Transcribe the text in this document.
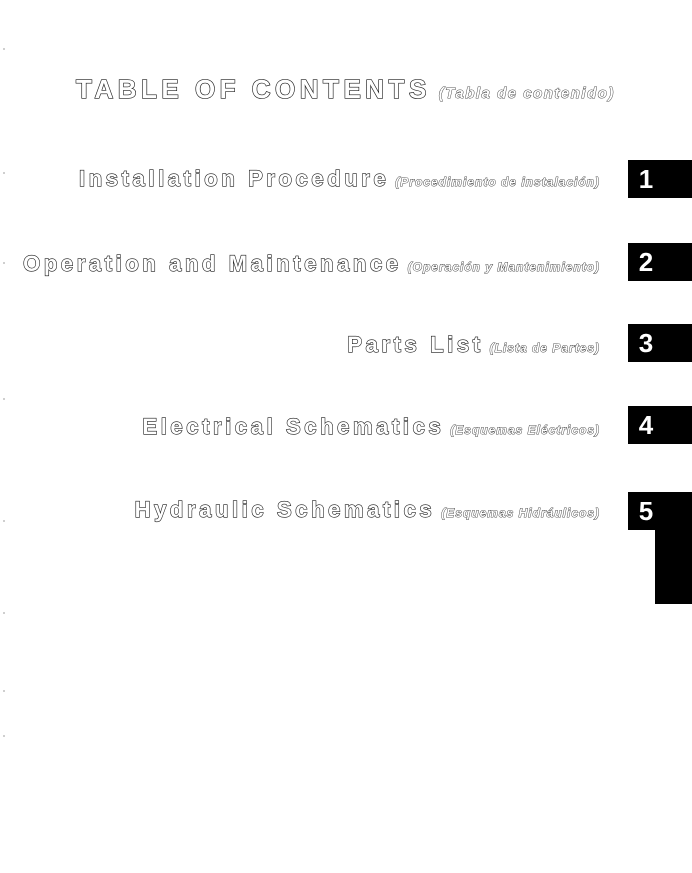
TABLE OF CONTENTS (Tabla de contenido)
Installation Procedure (Procedimiento de instalación)	1
Operation and Maintenance (Operación y Mantenimiento)	2
Parts List (Lista de Partes)	3
Electrical Schematics (Esquemas Eléctricos)	4
Hydraulic Schematics (Esquemas Hidráulicos)	5
